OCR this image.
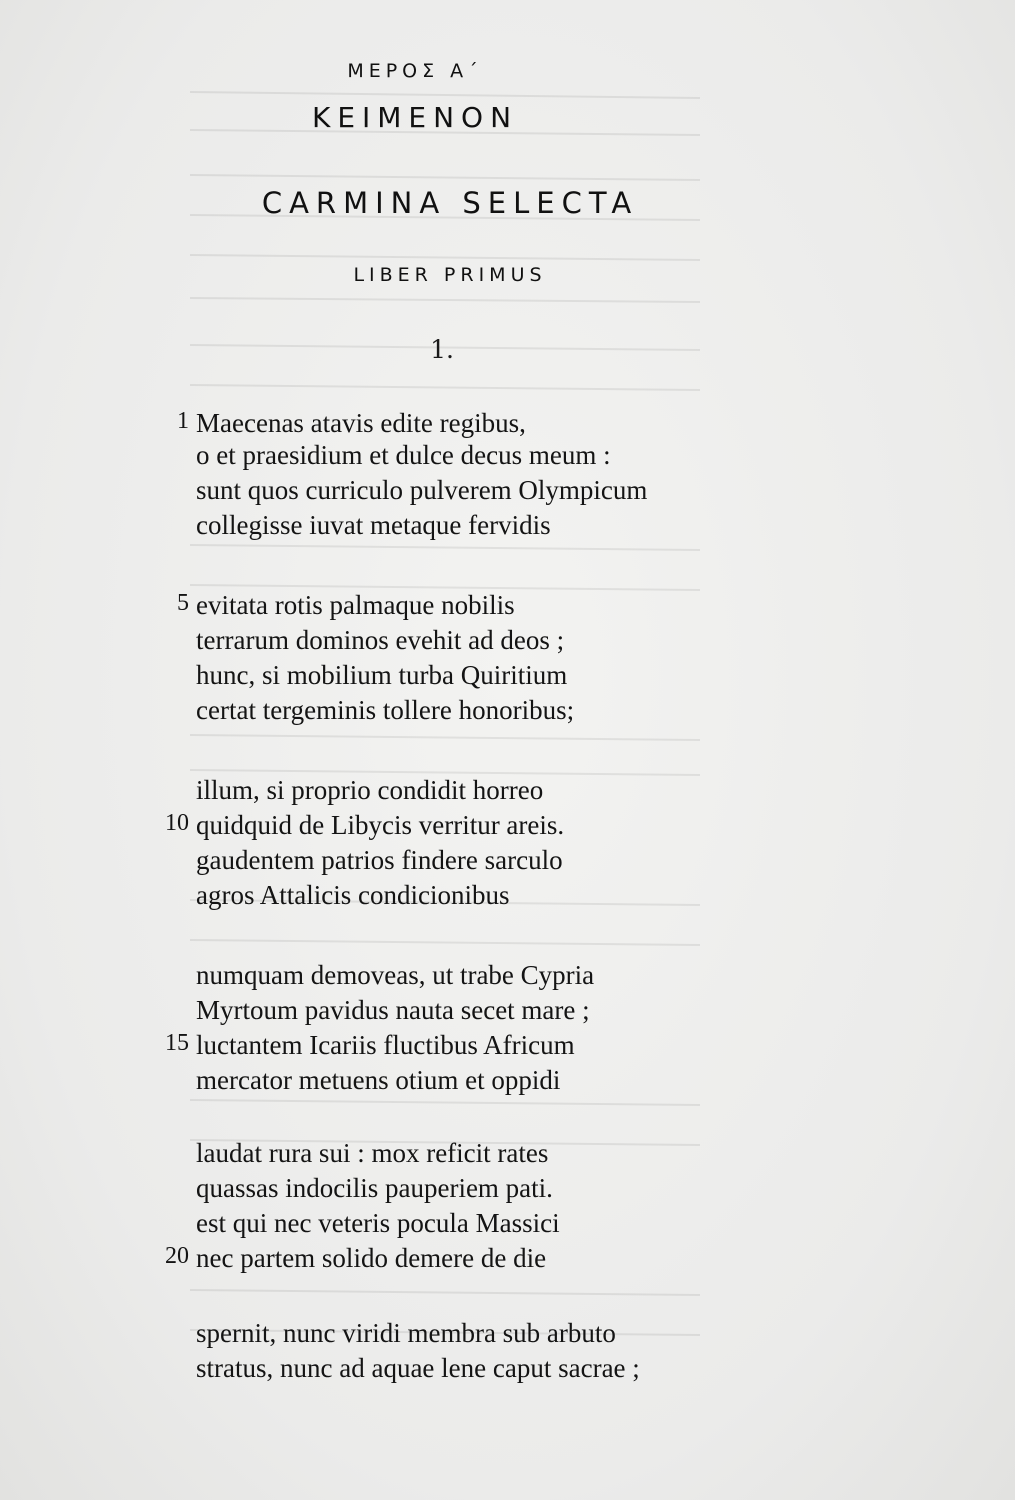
ΜΕΡΟΣ Α΄
ΚΕΙΜΕΝΟΝ
CARMINA SELECTA
LIBER PRIMUS
1.
1 Maecenas atavis edite regibus,
o et praesidium et dulce decus meum :
sunt quos curriculo pulverem Olympicum
collegisse iuvat metaque fervidis
5 evitata rotis palmaque nobilis
terrarum dominos evehit ad deos ;
hunc, si mobilium turba Quiritium
certat tergeminis tollere honoribus;
illum, si proprio condidit horreo
10 quidquid de Libycis verritur areis.
gaudentem patrios findere sarculo
agros Attalicis condicionibus
numquam demoveas, ut trabe Cypria
Myrtoum pavidus nauta secet mare ;
15 luctantem Icariis fluctibus Africum
mercator metuens otium et oppidi
laudat rura sui : mox reficit rates
quassas indocilis pauperiem pati.
est qui nec veteris pocula Massici
20 nec partem solido demere de die
spernit, nunc viridi membra sub arbuto
stratus, nunc ad aquae lene caput sacrae ;
